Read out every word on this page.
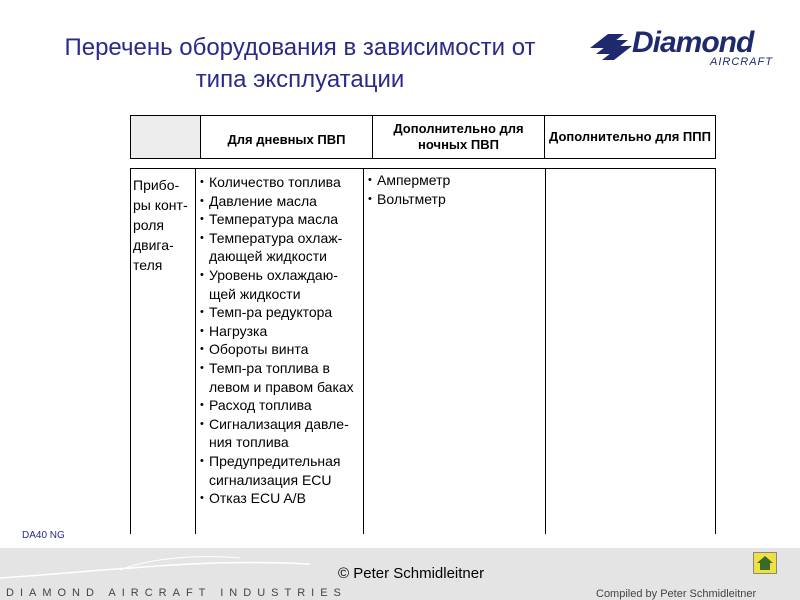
Перечень оборудования в зависимости от типа эксплуатации
Diamond
AIRCRAFT
Для дневных ПВП
Дополнительно для ночных ПВП
Дополнительно для ППП
Прибо-ры конт-роля двига-теля
• Количество топлива
• Давление масла
• Температура масла
• Температура охлаж- дающей жидкости
• Уровень охлаждаю- щей жидкости
• Темп-ра редуктора
• Нагрузка
• Обороты винта
• Темп-ра топлива в левом и правом баках
• Расход топлива
• Сигнализация давле- ния топлива
• Предупредительная сигнализация ECU
• Отказ ECU A/B
• Амперметр
• Вольтметр
DA40 NG
© Peter Schmidleitner
DIAMOND AIRCRAFT INDUSTRIES	Compiled by Peter Schmidleitner
